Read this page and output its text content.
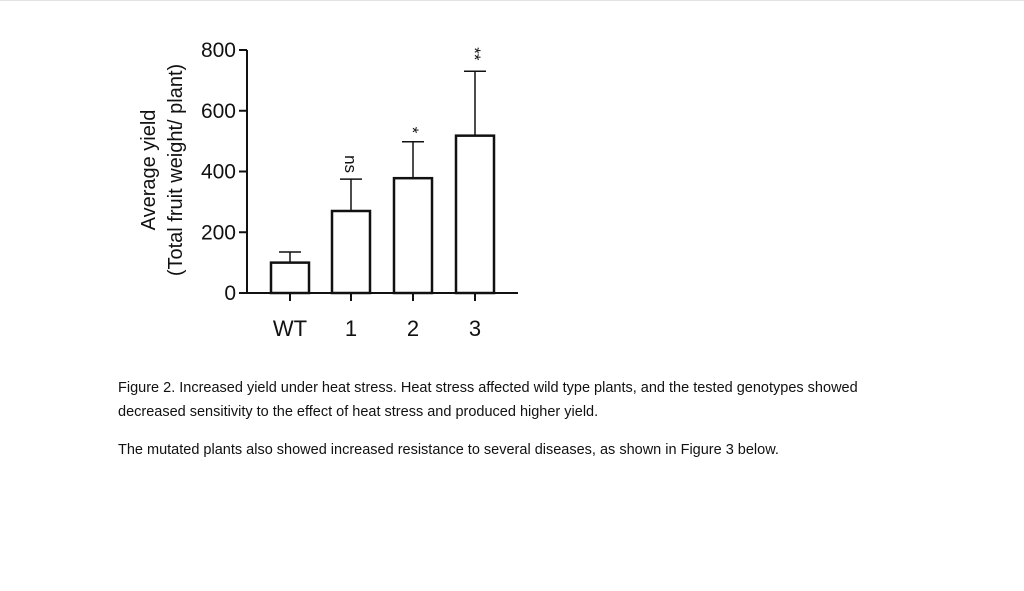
0
200
400
600
800
Average yield (Total fruit weight/ plant)
WT 1
ns
2
*
3
**

Figure 2. Increased yield under heat stress. Heat stress affected wild type plants, and the tested genotypes showed decreased sensitivity to the effect of heat stress and produced higher yield.

The mutated plants also showed increased resistance to several diseases, as shown in Figure 3 below.
